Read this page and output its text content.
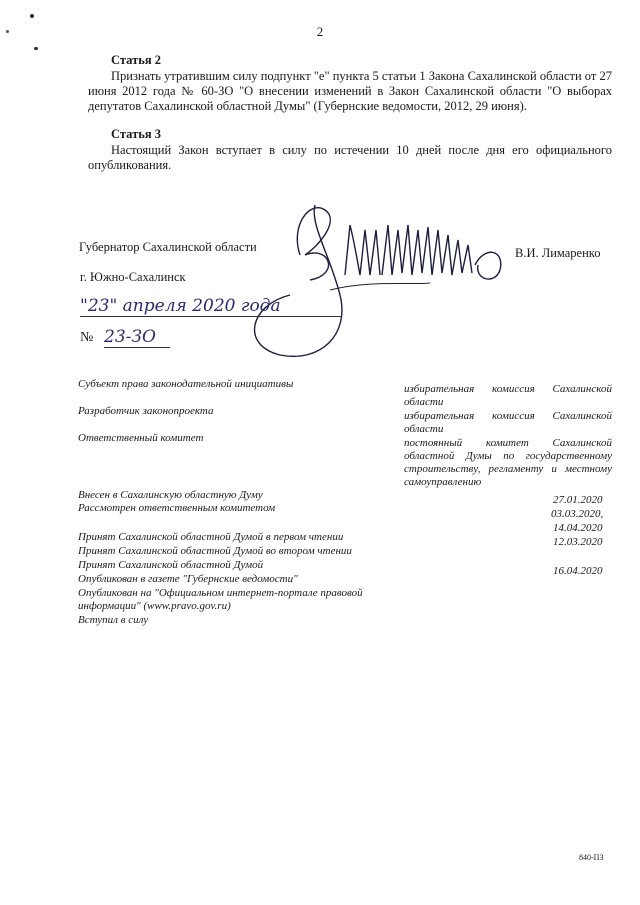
2
Статья 2
Признать утратившим силу подпункт "е" пункта 5 статьи 1 Закона Сахалинской области от 27 июня 2012 года № 60-ЗО "О внесении изменений в Закон Сахалинской области "О выборах депутатов Сахалинской областной Думы" (Губернские ведомости, 2012, 29 июня).
Статья 3
Настоящий Закон вступает в силу по истечении 10 дней после дня его официального опубликования.
Губернатор Сахалинской области	В.И. Лимаренко
г. Южно-Сахалинск
"23" апреля 2020 года
№ 23-ЗО
Субъект права законодательной инициативы	избирательная комиссия Сахалинской области
Разработчик законопроекта	избирательная комиссия Сахалинской области
Ответственный комитет	постоянный комитет Сахалинской областной Думы по государственному строительству, регламенту и местному самоуправлению
Внесен в Сахалинскую областную Думу	27.01.2020
Рассмотрен ответственным комитетом	03.03.2020,
14.04.2020
Принят Сахалинской областной Думой в первом чтении	12.03.2020
Принят Сахалинской областной Думой во втором чтении
Принят Сахалинской областной Думой	16.04.2020
Опубликован в газете "Губернские ведомости"
Опубликован на "Официальном интернет-портале правовой информации" (www.pravo.gov.ru)
Вступил в силу
840-ПЗ
